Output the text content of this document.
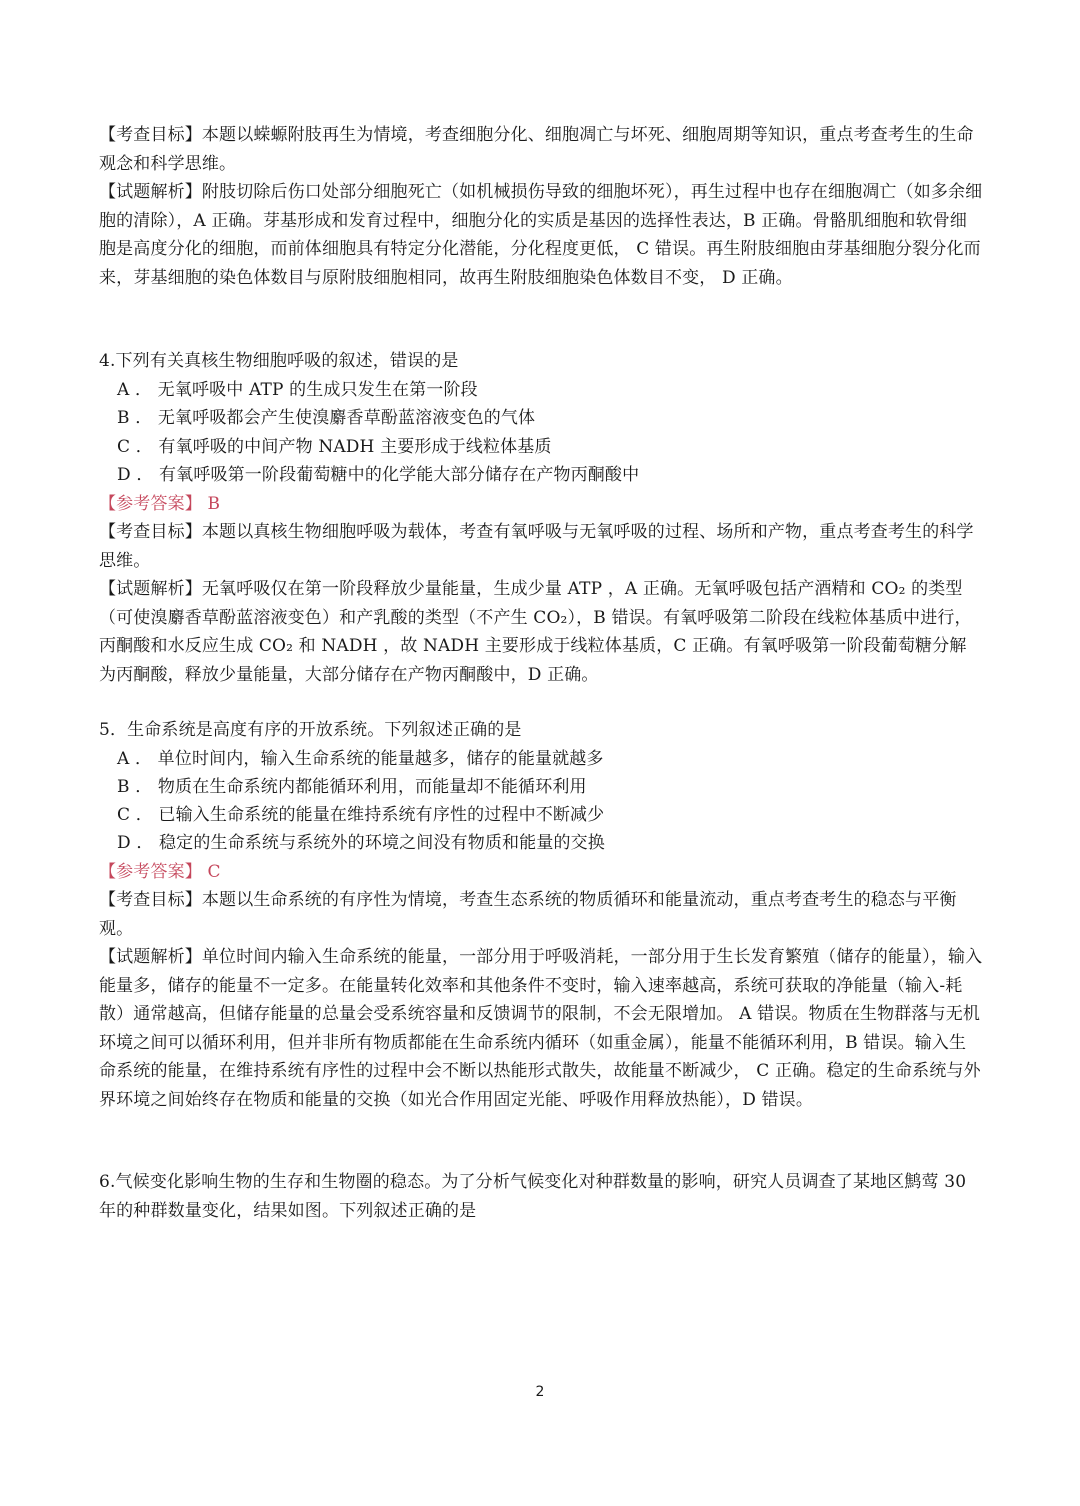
【考查目标】本题以蝾螈附肢再生为情境，考查细胞分化、细胞凋亡与坏死、细胞周期等知识，重点考查考生的生命观念和科学思维。

【试题解析】附肢切除后伤口处部分细胞死亡（如机械损伤导致的细胞坏死），再生过程中也存在细胞凋亡（如多余细胞的清除），A 正确。芽基形成和发育过程中，细胞分化的实质是基因的选择性表达，B 正确。骨骼肌细胞和软骨细胞是高度分化的细胞，而前体细胞具有特定分化潜能，分化程度更低， C 错误。再生附肢细胞由芽基细胞分裂分化而来，芽基细胞的染色体数目与原附肢细胞相同，故再生附肢细胞染色体数目不变， D 正确。

4.下列有关真核生物细胞呼吸的叙述，错误的是

A ． 无氧呼吸中 ATP 的生成只发生在第一阶段

B ． 无氧呼吸都会产生使溴麝香草酚蓝溶液变色的气体

C ． 有氧呼吸的中间产物 NADH 主要形成于线粒体基质

D ． 有氧呼吸第一阶段葡萄糖中的化学能大部分储存在产物丙酮酸中

【参考答案】 B

【考查目标】本题以真核生物细胞呼吸为载体，考查有氧呼吸与无氧呼吸的过程、场所和产物，重点考查考生的科学思维。

【试题解析】无氧呼吸仅在第一阶段释放少量能量，生成少量 ATP ，A 正确。无氧呼吸包括产酒精和 CO₂ 的类型（可使溴麝香草酚蓝溶液变色）和产乳酸的类型（不产生 CO₂），B 错误。有氧呼吸第二阶段在线粒体基质中进行，丙酮酸和水反应生成 CO₂ 和 NADH ，故 NADH 主要形成于线粒体基质，C 正确。有氧呼吸第一阶段葡萄糖分解为丙酮酸，释放少量能量，大部分储存在产物丙酮酸中，D 正确。

5．生命系统是高度有序的开放系统。下列叙述正确的是

A ． 单位时间内，输入生命系统的能量越多，储存的能量就越多

B ． 物质在生命系统内都能循环利用，而能量却不能循环利用

C ． 已输入生命系统的能量在维持系统有序性的过程中不断减少

D ． 稳定的生命系统与系统外的环境之间没有物质和能量的交换

【参考答案】 C

【考查目标】本题以生命系统的有序性为情境，考查生态系统的物质循环和能量流动，重点考查考生的稳态与平衡观。

【试题解析】单位时间内输入生命系统的能量，一部分用于呼吸消耗，一部分用于生长发育繁殖（储存的能量），输入能量多，储存的能量不一定多。在能量转化效率和其他条件不变时，输入速率越高，系统可获取的净能量（输入-耗散）通常越高，但储存能量的总量会受系统容量和反馈调节的限制，不会无限增加。 A 错误。物质在生物群落与无机环境之间可以循环利用，但并非所有物质都能在生命系统内循环（如重金属），能量不能循环利用，B 错误。输入生命系统的能量，在维持系统有序性的过程中会不断以热能形式散失，故能量不断减少， C 正确。稳定的生命系统与外界环境之间始终存在物质和能量的交换（如光合作用固定光能、呼吸作用释放热能），D 错误。

6.气候变化影响生物的生存和生物圈的稳态。为了分析气候变化对种群数量的影响，研究人员调查了某地区鹪莺 30 年的种群数量变化，结果如图。下列叙述正确的是

2
